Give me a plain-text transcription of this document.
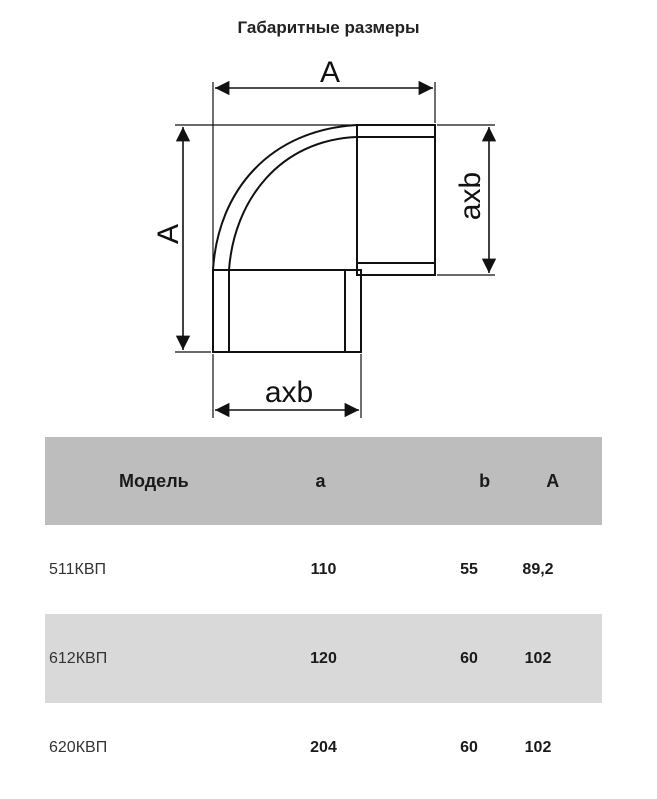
Габаритные размеры
A
A
axb
axb
Модель	a	b	A
511КВП	110	55	89,2
612КВП	120	60	102
620КВП	204	60	102
